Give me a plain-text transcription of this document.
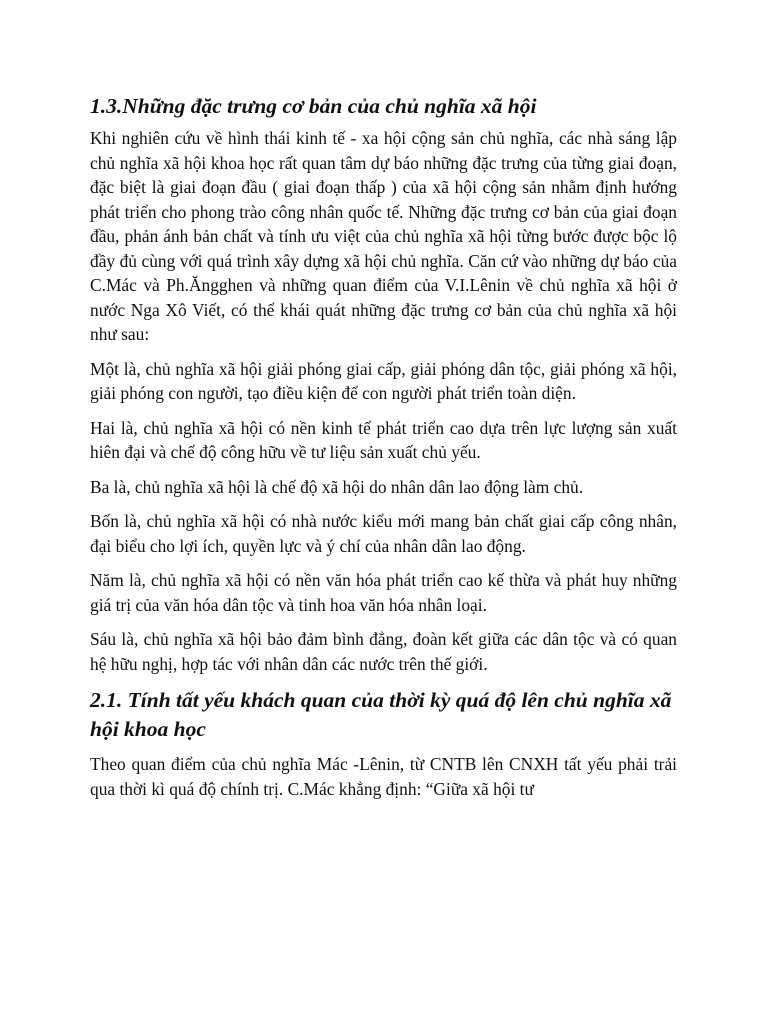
1.3.Những đặc trưng cơ bản của chủ nghĩa xã hội

Khi nghiên cứu về hình thái kinh tế - xa hội cộng sản chủ nghĩa, các nhà sáng lập chủ nghĩa xã hội khoa học rất quan tâm dự báo những đặc trưng của từng giai đoạn, đặc biệt là giai đoạn đầu ( giai đoạn thấp ) của xã hội cộng sản nhằm định hướng phát triển cho phong trào công nhân quốc tế. Những đặc trưng cơ bản của giai đoạn đầu, phản ánh bản chất và tính ưu việt của chủ nghĩa xã hội từng bước được bộc lộ đầy đủ cùng với quá trình xây dựng xã hội chủ nghĩa. Căn cứ vào những dự báo của C.Mác và Ph.Ăngghen và những quan điểm của V.I.Lênin về chủ nghĩa xã hội ở nước Nga Xô Viết, có thể khái quát những đặc trưng cơ bản của chủ nghĩa xã hội như sau:

Một là, chủ nghĩa xã hội giải phóng giai cấp, giải phóng dân tộc, giải phóng xã hội, giải phóng con người, tạo điều kiện để con người phát triển toàn diện.

Hai là, chủ nghĩa xã hội có nền kinh tế phát triển cao dựa trên lực lượng sản xuất hiên đại và chế độ công hữu về tư liệu sản xuất chủ yếu.

Ba là, chủ nghĩa xã hội là chế độ xã hội do nhân dân lao động làm chủ.

Bốn là, chủ nghĩa xã hội có nhà nước kiểu mới mang bản chất giai cấp công nhân, đại biểu cho lợi ích, quyền lực và ý chí của nhân dân lao động.

Năm là, chủ nghĩa xã hội có nền văn hóa phát triển cao kế thừa và phát huy những giá trị của văn hóa dân tộc và tinh hoa văn hóa nhân loại.

Sáu là, chủ nghĩa xã hội bảo đảm bình đẳng, đoàn kết giữa các dân tộc và có quan hệ hữu nghị, hợp tác với nhân dân các nước trên thế giới.

2.1. Tính tất yếu khách quan của thời kỳ quá độ lên chủ nghĩa xã hội khoa học

Theo quan điểm của chủ nghĩa Mác -Lênin, từ CNTB lên CNXH tất yếu phải trải qua thời kì quá độ chính trị. C.Mác khẳng định: “Giữa xã hội tư
